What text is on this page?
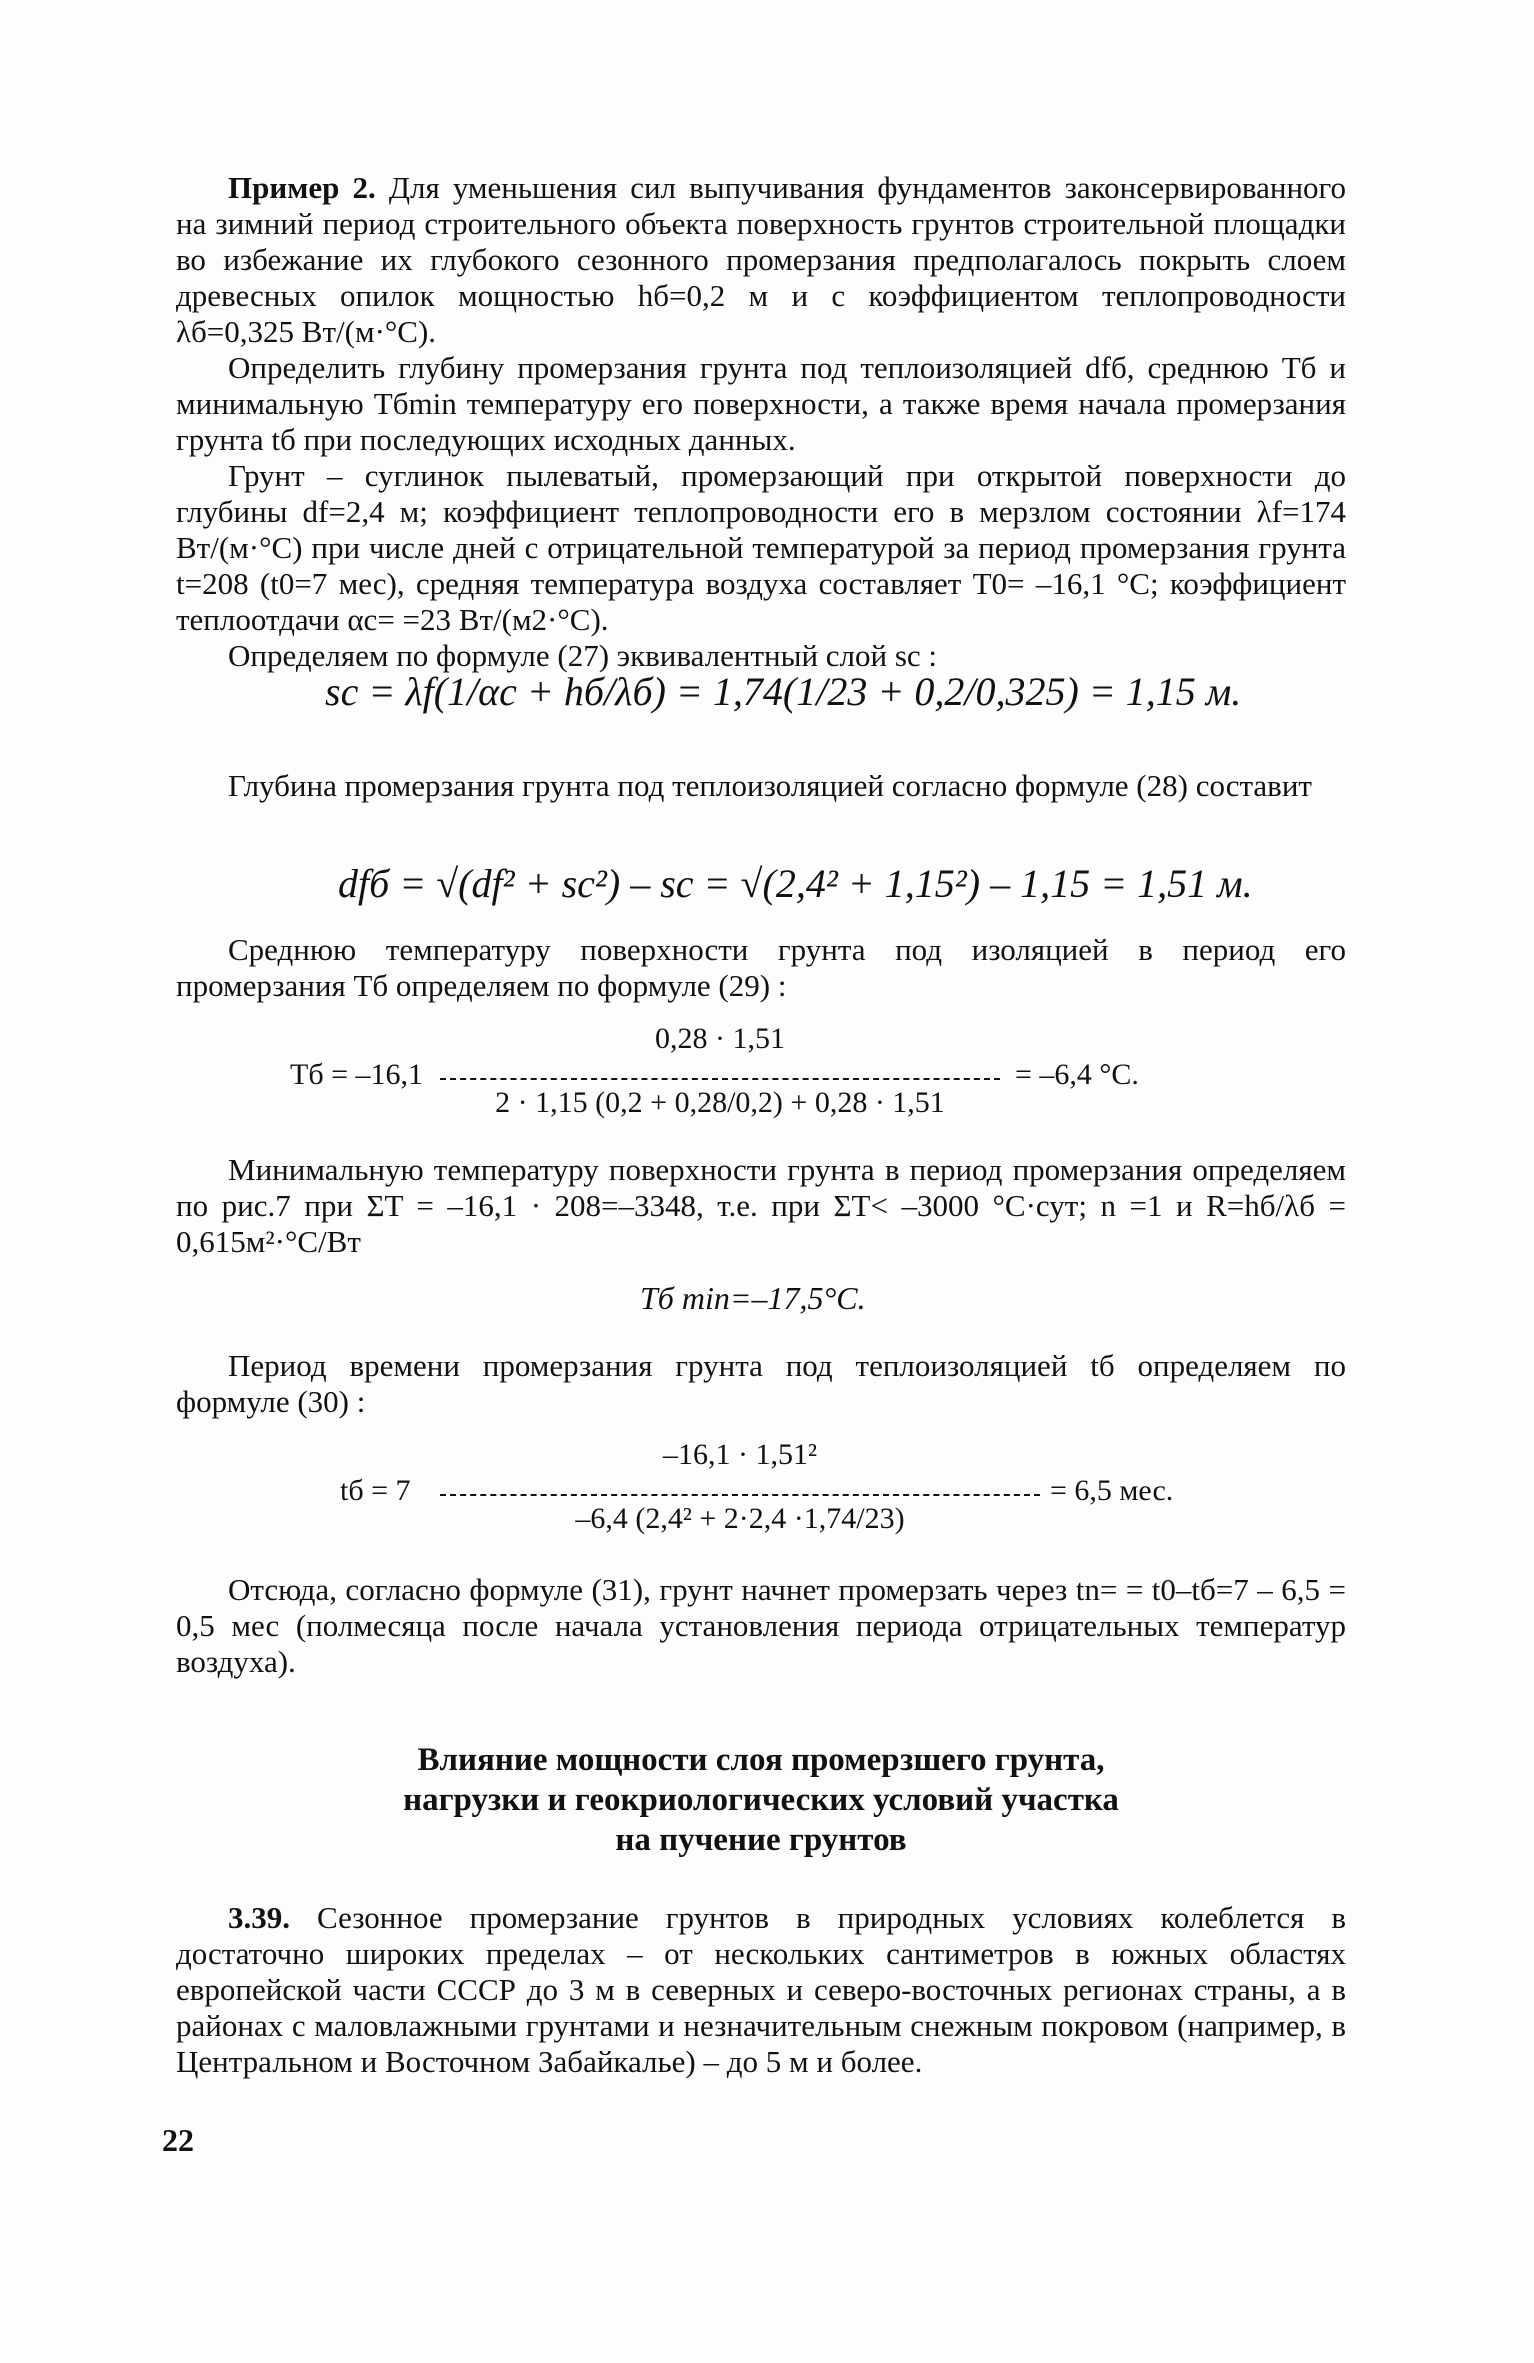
Пример 2. Для уменьшения сил выпучивания фундаментов законсервированного на зимний период строительного объекта поверхность грунтов строительной площадки во избежание их глубокого сезонного промерзания предполагалось покрыть слоем древесных опилок мощностью hб=0,2 м и с коэффициентом теплопроводности λб=0,325 Вт/(м·°С).

Определить глубину промерзания грунта под теплоизоляцией dfб, среднюю Tб и минимальную Tбmin температуру его поверхности, а также время начала промерзания грунта tб при последующих исходных данных.

Грунт – суглинок пылеватый, промерзающий при открытой поверхности до глубины df=2,4 м; коэффициент теплопроводности его в мерзлом состоянии λf=174 Вт/(м·°С) при числе дней с отрицательной температурой за период промерзания грунта t=208 (t0=7 мес), средняя температура воздуха составляет T0= –16,1 °С; коэффициент теплоотдачи αc= =23 Вт/(м2·°С).

Определяем по формуле (27) эквивалентный слой sc :

sc = λf(1/αc + hб/λб) = 1,74(1/23 + 0,2/0,325) = 1,15 м.

Глубина промерзания грунта под теплоизоляцией согласно формуле (28) составит

dfб = √(df² + sc²) – sc = √(2,4² + 1,15²) – 1,15 = 1,51 м.

Среднюю температуру поверхности грунта под изоляцией в период его промерзания Tб определяем по формуле (29) :

Tб = –16,1
0,28 · 1,51
2 · 1,15 (0,2 + 0,28/0,2) + 0,28 · 1,51
= –6,4 °С.

Минимальную температуру поверхности грунта в период промерзания определяем по рис.7 при ΣT = –16,1 · 208=–3348, т.е. при ΣT< –3000 °С·сут; n =1 и R=hб/λб = 0,615м²·°С/Вт

Tб min=–17,5°С.

Период времени промерзания грунта под теплоизоляцией tб определяем по формуле (30) :

tб = 7
–16,1 · 1,51²
–6,4 (2,4² + 2·2,4 ·1,74/23)
= 6,5 мес.

Отсюда, согласно формуле (31), грунт начнет промерзать через tn= = t0–tб=7 – 6,5 = 0,5 мес (полмесяца после начала установления периода отрицательных температур воздуха).

Влияние мощности слоя промерзшего грунта,
нагрузки и геокриологических условий участка
на пучение грунтов

3.39. Сезонное промерзание грунтов в природных условиях колеблется в достаточно широких пределах – от нескольких сантиметров в южных областях европейской части СССР до 3 м в северных и северо-восточных регионах страны, а в районах с маловлажными грунтами и незначительным снежным покровом (например, в Центральном и Восточном Забайкалье) – до 5 м и более.

22
